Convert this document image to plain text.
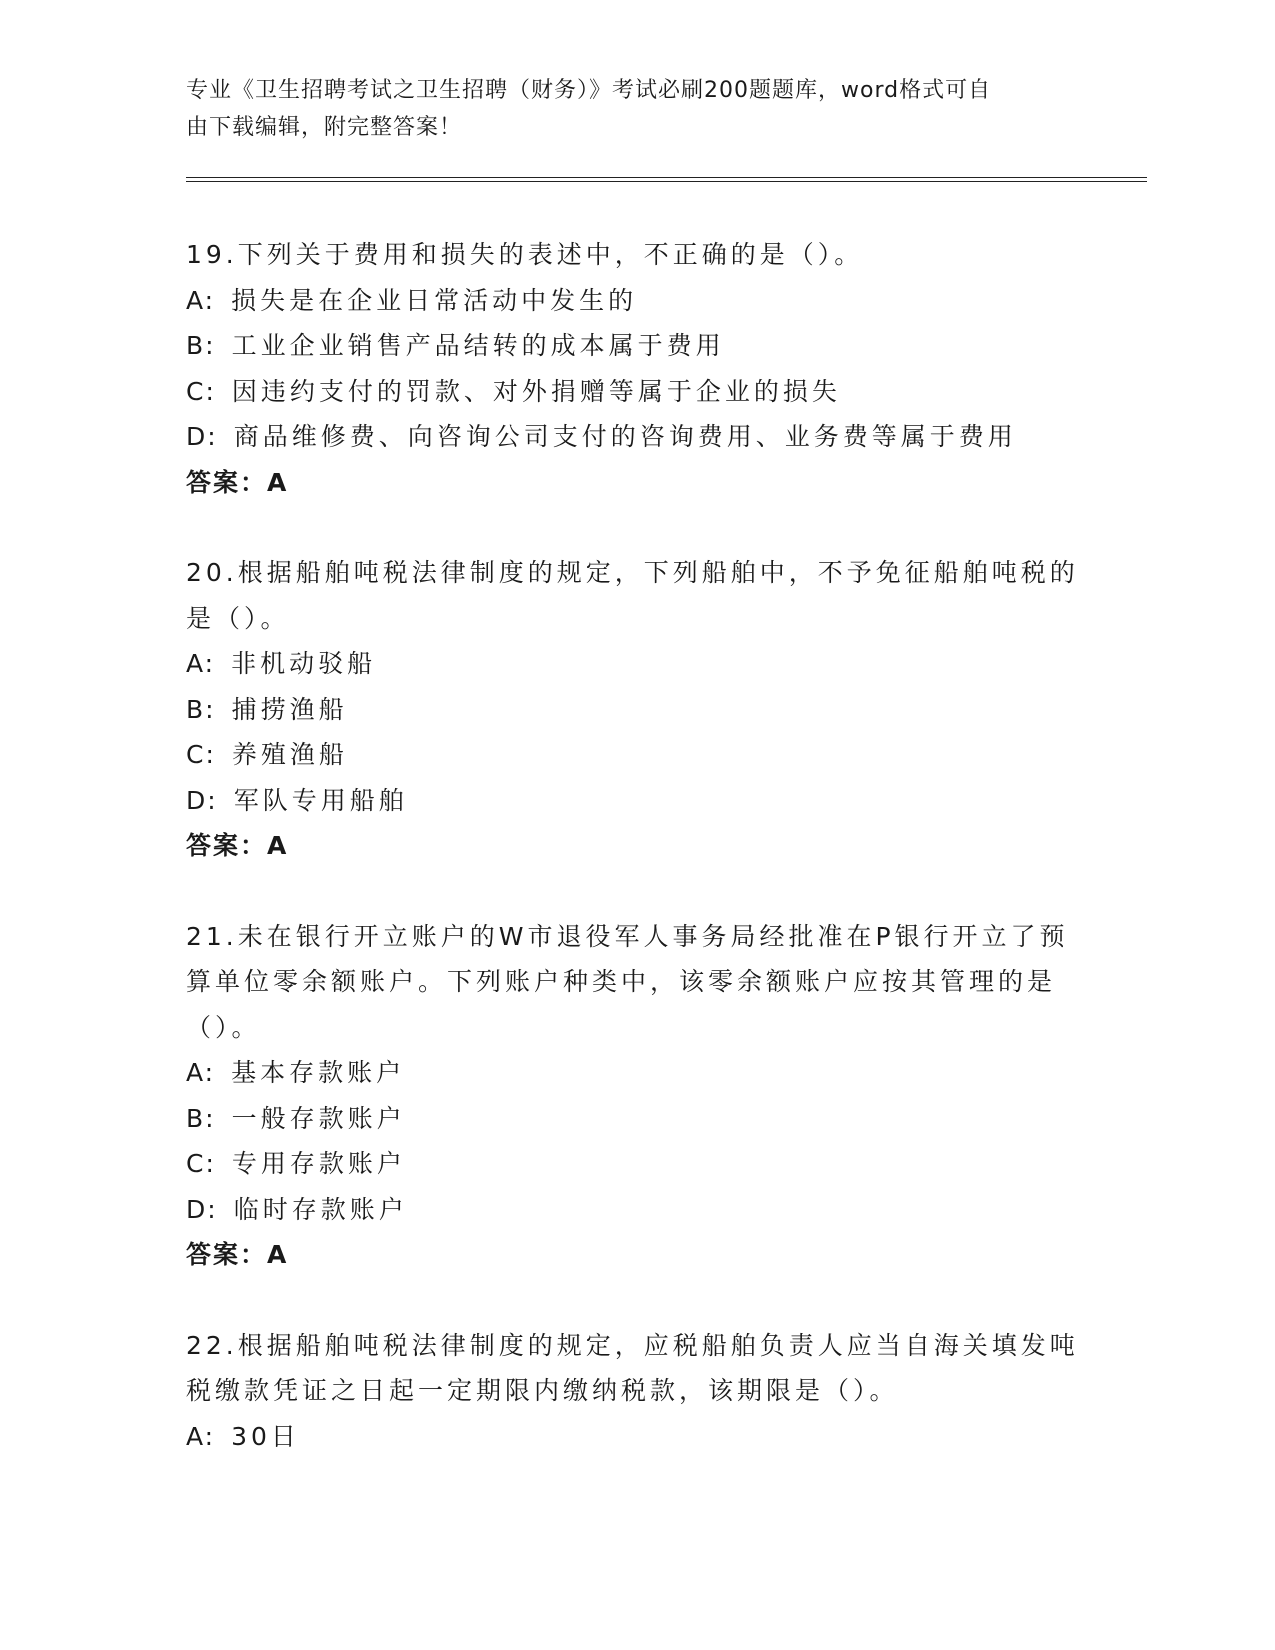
专业《卫生招聘考试之卫生招聘（财务）》考试必刷200题题库，word格式可自
由下载编辑，附完整答案！
19.下列关于费用和损失的表述中，不正确的是（）。
A: 损失是在企业日常活动中发生的
B: 工业企业销售产品结转的成本属于费用
C: 因违约支付的罚款、对外捐赠等属于企业的损失
D: 商品维修费、向咨询公司支付的咨询费用、业务费等属于费用
答案：A
20.根据船舶吨税法律制度的规定，下列船舶中，不予免征船舶吨税的
是（）。
A: 非机动驳船
B: 捕捞渔船
C: 养殖渔船
D: 军队专用船舶
答案：A
21.未在银行开立账户的W市退役军人事务局经批准在P银行开立了预
算单位零余额账户。下列账户种类中，该零余额账户应按其管理的是
（）。
A: 基本存款账户
B: 一般存款账户
C: 专用存款账户
D: 临时存款账户
答案：A
22.根据船舶吨税法律制度的规定，应税船舶负责人应当自海关填发吨
税缴款凭证之日起一定期限内缴纳税款，该期限是（）。
A: 30日
